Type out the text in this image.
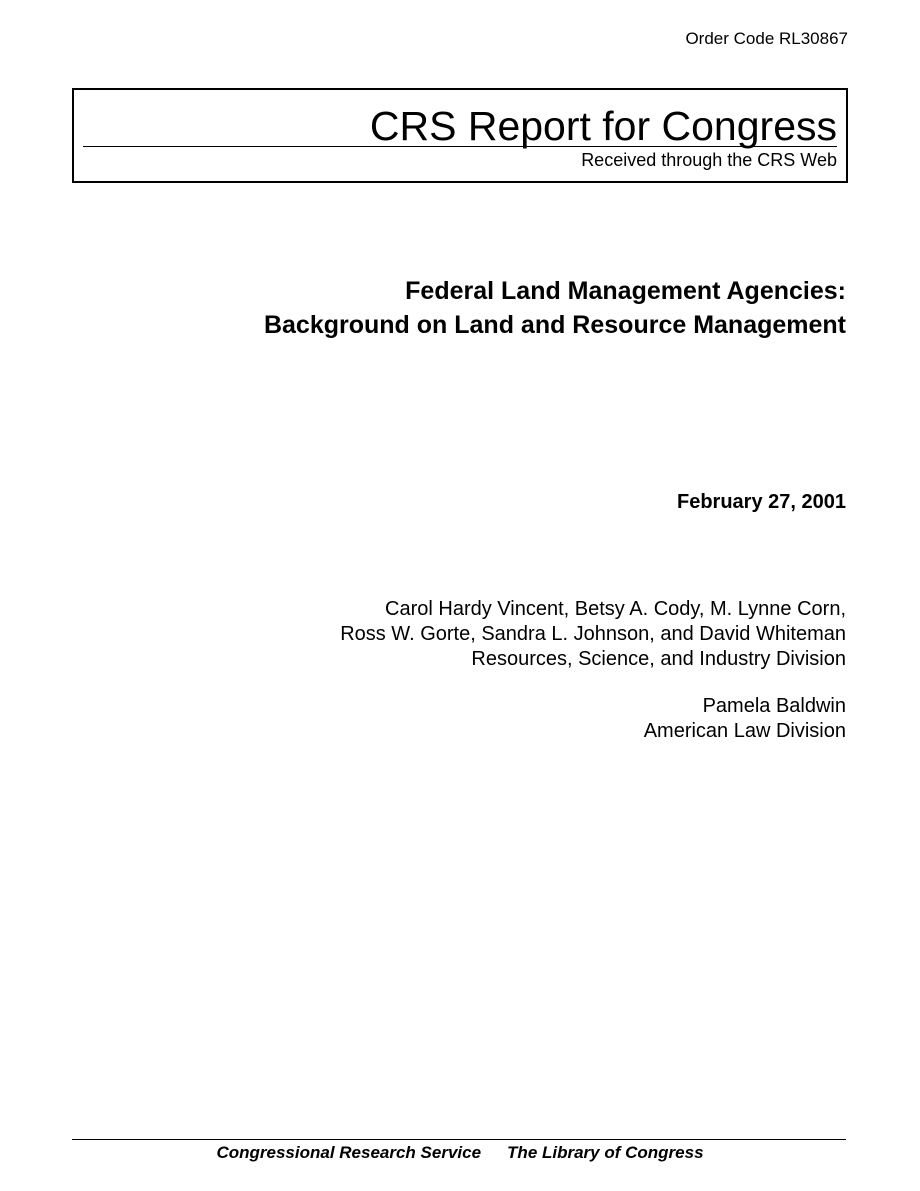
Order Code RL30867
CRS Report for Congress
Received through the CRS Web
Federal Land Management Agencies:
Background on Land and Resource Management
February 27, 2001
Carol Hardy Vincent, Betsy A. Cody, M. Lynne Corn,
Ross W. Gorte, Sandra L. Johnson, and David Whiteman
Resources, Science, and Industry Division
Pamela Baldwin
American Law Division
Congressional Research Service The Library of Congress
